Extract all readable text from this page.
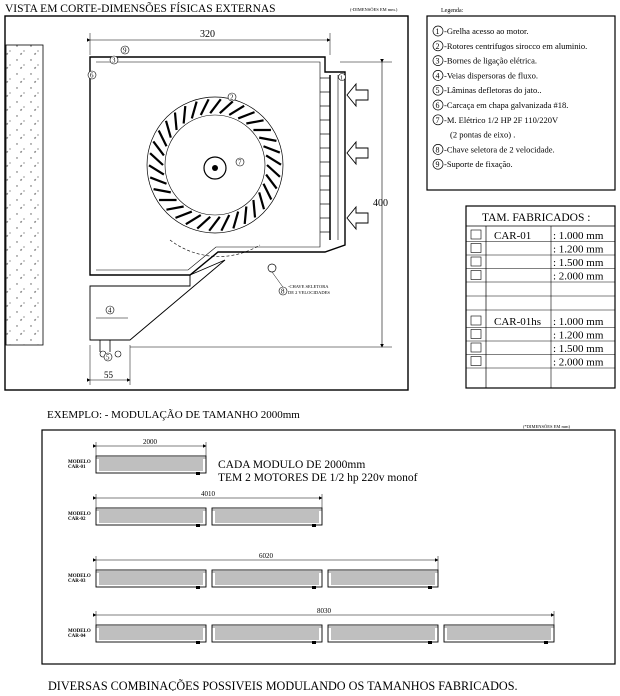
VISTA EM CORTE-DIMENSÕES FÍSICAS EXTERNAS	(-DIMENSÕES EM mm.)
320
400
9
3
6
2
7
4
5
8
1
-CHAVE SELETORA DE 2 VELOCIDADES
55
Legenda:
1 -Grelha acesso ao motor.
2 -Rotores centrifugos sirocco em aluminio.
3 -Bornes de ligação elétrica.
4 -Veias dispersoras de fluxo.
5 -Lâminas defletoras do jato..
6 -Carcaça em chapa galvanizada #18.
7 -M. Elétrico 1/2 HP 2F 110/220V
(2 pontas de eixo) .
8 -Chave seletora de 2 velocidade.
9 -Suporte de fixação.
TAM. FABRICADOS :
CAR-01 : 1.000 mm
: 1.200 mm
: 1.500 mm
: 2.000 mm
CAR-01hs : 1.000 mm
: 1.200 mm
: 1.500 mm
: 2.000 mm
EXEMPLO: - MODULAÇÃO DE TAMANHO 2000mm
(*DIMENSÕES EM mm)
CADA MODULO DE 2000mm
TEM 2 MOTORES DE 1/2 hp 220v monof
2000
MODELO
CAR-01
4010
MODELO
CAR-02
6020
MODELO
CAR-03
8030
MODELO
CAR-04
DIVERSAS COMBINAÇÕES POSSIVEIS MODULANDO OS TAMANHOS FABRICADOS.
